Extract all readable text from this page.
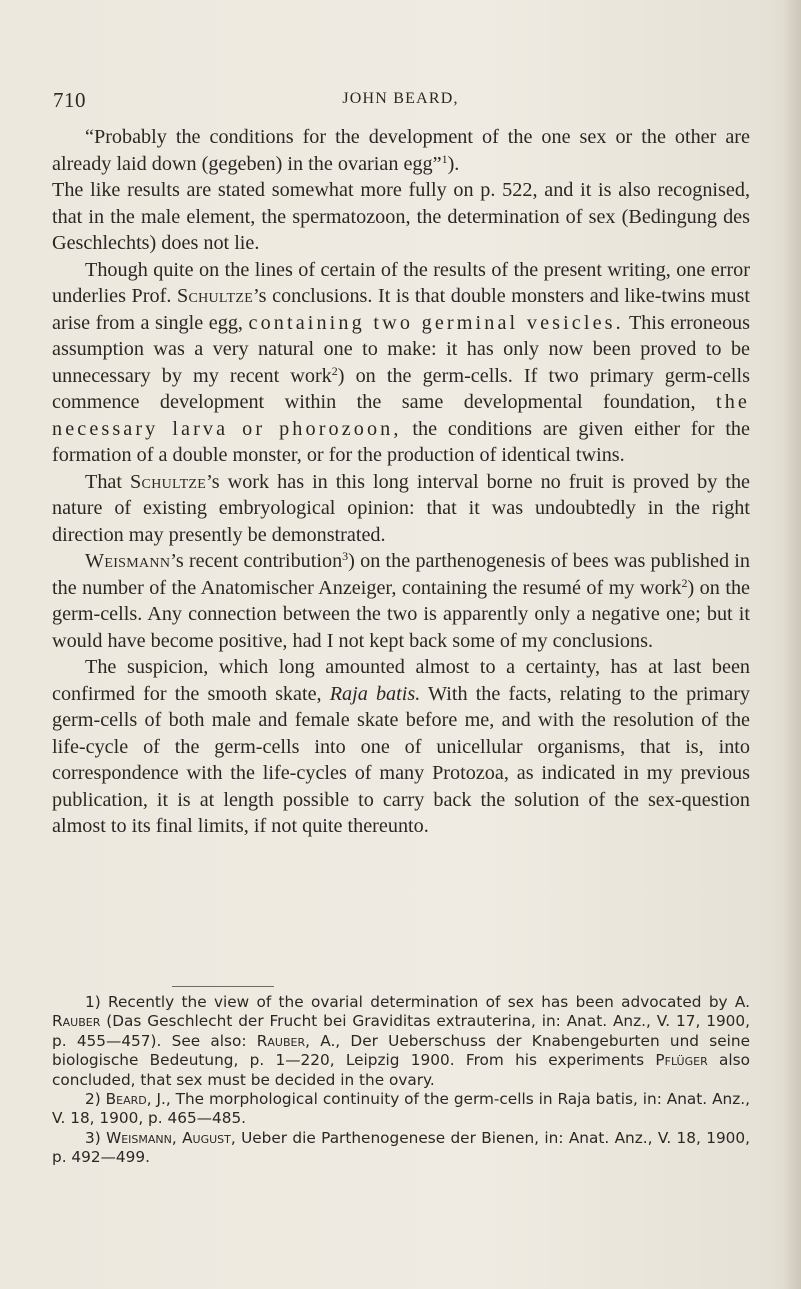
710	JOHN BEARD,

“Probably the conditions for the development of the one sex or the other are already laid down (gegeben) in the ovarian egg”$^1$).
The like results are stated somewhat more fully on p. 522, and it is also recognised, that in the male element, the spermatozoon, the determination of sex (Bedingung des Geschlechts) does not lie.

Though quite on the lines of certain of the results of the present writing, one error underlies Prof. Schultze’s conclusions. It is that double monsters and like-twins must arise from a single egg, containing two germinal vesicles. This erroneous assumption was a very natural one to make: it has only now been proved to be unnecessary by my recent work$^2$) on the germ-cells. If two primary germ-cells commence development within the same developmental foundation, the necessary larva or phorozoon, the conditions are given either for the formation of a double monster, or for the production of identical twins.

That Schultze’s work has in this long interval borne no fruit is proved by the nature of existing embryological opinion: that it was undoubtedly in the right direction may presently be demonstrated.

Weismann’s recent contribution$^3$) on the parthenogenesis of bees was published in the number of the Anatomischer Anzeiger, containing the resumé of my work$^2$) on the germ-cells. Any connection between the two is apparently only a negative one; but it would have become positive, had I not kept back some of my conclusions.

The suspicion, which long amounted almost to a certainty, has at last been confirmed for the smooth skate, Raja batis. With the facts, relating to the primary germ-cells of both male and female skate before me, and with the resolution of the life-cycle of the germ-cells into one of unicellular organisms, that is, into correspondence with the life-cycles of many Protozoa, as indicated in my previous publication, it is at length possible to carry back the solution of the sex-question almost to its final limits, if not quite thereunto.

1) Recently the view of the ovarial determination of sex has been advocated by A. Rauber (Das Geschlecht der Frucht bei Graviditas extrauterina, in: Anat. Anz., V. 17, 1900, p. 455—457). See also: Rauber, A., Der Ueberschuss der Knabengeburten und seine biologische Bedeutung, p. 1—220, Leipzig 1900. From his experiments Pflüger also concluded, that sex must be decided in the ovary.

2) Beard, J., The morphological continuity of the germ-cells in Raja batis, in: Anat. Anz., V. 18, 1900, p. 465—485.

3) Weismann, August, Ueber die Parthenogenese der Bienen, in: Anat. Anz., V. 18, 1900, p. 492—499.
